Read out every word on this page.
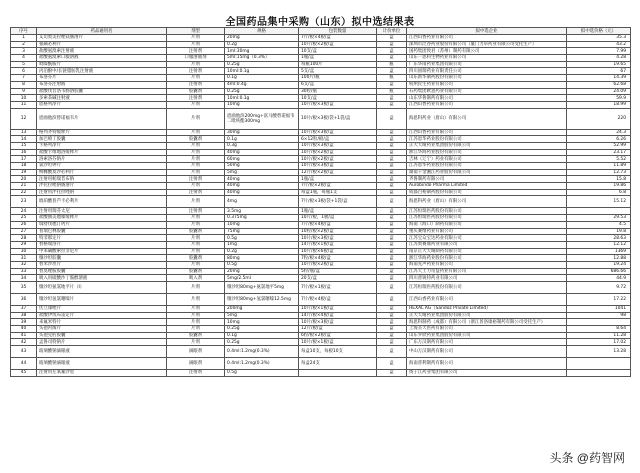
全国药品集中采购（山东）拟中选结果表
序号	药品通用名	剂型	规格	包装数量	计价单位	拟中选企业	拟中选价格（元）
1	艾司奥美拉唑镁肠溶片	片剂	20mg	7片/板×4板/盒	盒	江西山香药业有限公司	35.3
2	氨磺必利片	片剂	0.2g	10片/板×2板/盒	盒	深圳市泛谷药业股份有限公司（厦门力卓药业有限公司受托生产）	43.2
3	盐酸氨溴索注射液	注射剂	1ml:30mg	10支/盒	盒	国药集团致君（苏州）制药有限公司	7.99
4	盐酸氨溴索口服溶液	口服溶液剂	5ml:15mg（0.3%）	1瓶/盒	盒	山东一思科生物药业有限公司	4.28
5	吡嗪酰胺片	片剂	0.25g	每瓶100片	瓶	广东华南药业集团有限公司	19.65
6	丙泊酚中/长链脂肪乳注射液	注射剂	10ml:0.1g	5支/盒	盒	四川国瑞药业有限责任公司	67
7	布洛芬片	片剂	0.1g	100片/瓶	瓶	山东新华制药股份有限公司	14.39
8	布洛芬注射液	注射剂	4ml:0.4g	6支/盒	盒	杭州民生药业有限公司	62.68
9	盐酸伐昔洛韦肠溶胶囊	胶囊剂	0.25g	30粒/瓶	瓶	石药集团欧意药业有限公司	24.09
10	多索茶碱注射液	注射剂	10ml:0.1g	10支/盒	盒	山东华鲁制药有限公司	59.9
11	恩格列净片	片剂	10mg	10片/板×3板/盒	盒	江西山香药业有限公司	18.99
12	恩曲他滨替诺福韦片	片剂	恩曲他滨200mg+富马酸替诺福韦二吡呋酯300mg	10片/板×3板/袋+1袋/盒	盒	海思科药业（眉山）有限公司	220
13	格列齐特缓释片	片剂	30mg	10片/板×3板/盒	盒	江西山香药业有限公司	24.3
14	加巴喷丁胶囊	胶囊剂	0.1g	6×12粒/板/盒	盒	江苏恩华药业股份有限公司	6.26
15	卡格列净片	片剂	0.3g	10片/板×3板/盒	盒	正大天晴药业集团股份有限公司	52.99
16	盐酸卡维地洛缓释片	片剂	40mg	10片/板×2板/盒	盒	浙江华海药业股份有限公司	23.17
17	洛索洛芬钠片	片剂	60mg	10片/板×2板/盒	盒	吉林（辽宁）药业有限公司	5.52
18	氯沙坦钾片	片剂	50mg	10片/板×3板/盒	盒	江苏恩华药业股份有限公司	11.89
19	枸橼酸莫沙必利片	片剂	5mg	12片/板×2板/盒	盒	湖南千金湘江药业股份有限公司	12.73
20	注射用帕瑞昔布钠	注射剂	40mg	1瓶/盒	盒	齐鲁制药有限公司	15.8
21	泮托拉唑钠肠溶片	片剂	40mg	7片/板×2板/盒	盒	Aurobindo Pharma Limited	19.86
22	注射用泮托拉唑钠	注射剂	40mg	每盒1瓶，每瓶1支	盒	成都百裕制药股份有限公司	6.8
23	琥珀酸普芦卡必利片	片剂	4mg	7片/板×3板/袋+1袋/盒	盒	海思科药业（眉山）有限公司	15.12
24	注射用瑞芬太尼	注射剂	3.5mg	1瓶/盒	盒	江苏恒瑞医药股份有限公司	
25	盐酸曲美他嗪缓释片	片剂	0.375mg	10片/板，1板/盒	盒	江苏恒瑞医药股份有限公司	29.53
26	瑞舒伐他汀钙片	片剂	10mg	7片/板×4板/盒	盒	海南（海口）制药有限公司	4.5
27	普瑞巴林胶囊	胶囊剂	75mg	10粒/板×2板/盒	盒	重庆赛维药业有限公司	19.8
28	特非那定片	片剂	0.5g	10片/板×3板/盒	盒	江苏宝众宝达药业有限公司	28.63
29	替格瑞洛片	片剂	1mg	14片/板×1板/盒	盒	江苏奥赛康药业有限公司	12.12
30	甲苯磺酸索拉非尼片	片剂	0.2g	10片/板×6板/盒	盒	南京正大天晴制药有限公司	1369
31	缬沙坦胶囊	胶囊剂	80mg	7粒/板×4板/盒	盒	浙江华海药业股份有限公司	12.88
32	替米沙坦片	片剂	0.5g	10片/板×2板/盒	盒	海南先声药业有限公司	19.24
33	替莫唑胺胶囊	胶囊剂	20mg	5粒/瓶/盒	盒	江苏天士力帝益药业有限公司	686.66
34	吸入用硫酸沙丁胺醇溶液	吸入剂	5mg/2.5ml	20支/盒	盒	四川普锐特药业有限公司	44.9
35	缬沙坦氨氯地平片（Ⅰ）	片剂	缬沙坦80mg+氨氯地平5mg	7片/板×1板/盒	盒	江苏恒瑞医药股份有限公司	9.72
36	缬沙坦氢氯噻嗪片	片剂	缬沙坦80mg+氢氯噻嗪12.5mg	7片/板×4板/盒	盒	江西山香药业有限公司	17.22
37	伏立康唑片	片剂	200mg	10片/板×1板/盒	盒	HEXAL AG（Sandoz Private Limited）	1041
38	盐酸伊伐布雷定片	片剂	5mg	14片/板×4板/盒	盒	正大天晴药业集团股份有限公司	98
39	来氟米特片	片剂	10mg	10片/板×3板/盒	盒	海思科制药（成都）有限公司（浙江普洛康裕制药有限公司受托生产）	
40	头孢丙烯片	片剂	0.25g	12片/板/盒	盒	上海圣天医药有限公司	8.64
41	头孢克肟胶囊	胶囊剂	0.1g	6粒/板×2板/盒	盒	山东罗欣药业集团股份有限公司	11.28
42	孟鲁司特钠片	片剂	0.25g	10片/板×1板/盒	盒	广东万汉制药有限公司	17.02
43	玻璃酸钠滴眼液	滴眼剂	0.4ml:1.2mg(0.3%)	每盒10支，每板10支	盒	中山万汉制药有限公司	13.28
44	玻璃酸钠滴眼液	滴眼剂	0.4ml:1.2mg(0.3%)	每盒24支	盒	海南普利制药有限公司	
45	注射用左氧氟沙星	注射剂	0.5g		盒	扬子江药业集团有限公司	
头条 @药智网
